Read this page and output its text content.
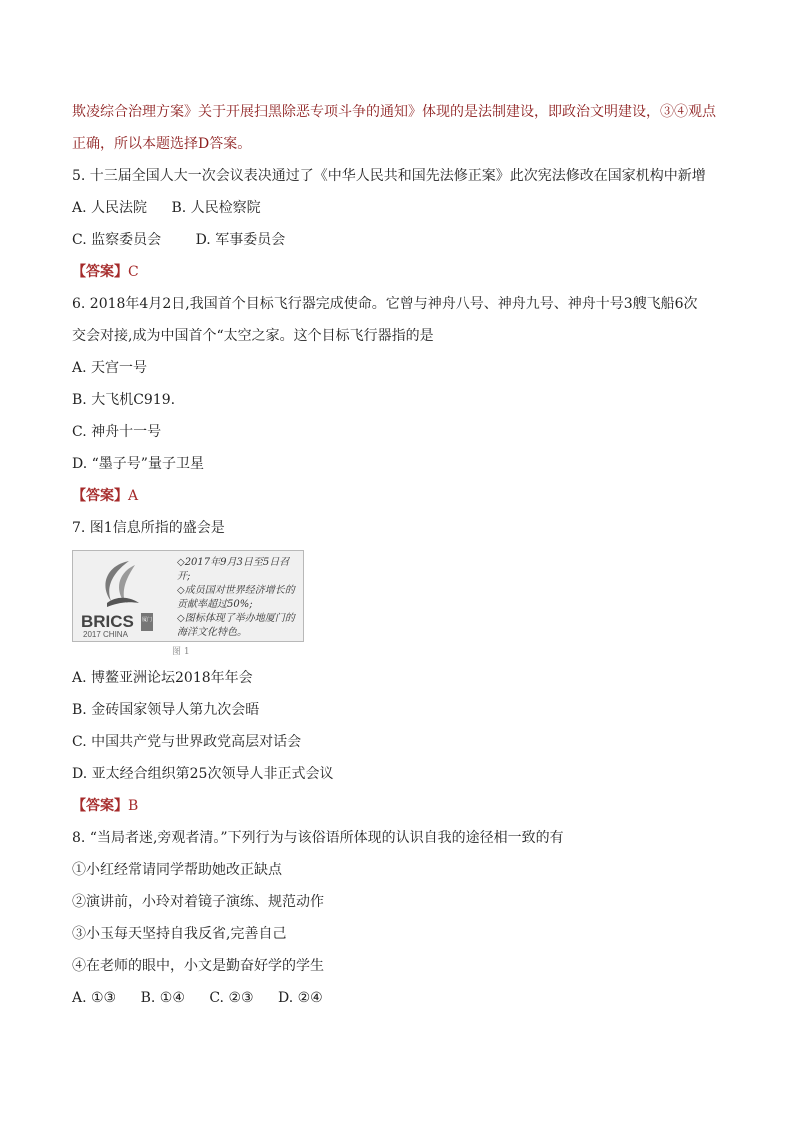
欺凌综合治理方案》关于开展扫黑除恶专项斗争的通知》体现的是法制建设，即政治文明建设，③④观点
正确，所以本题选择D答案。
5. 十三届全国人大一次会议表决通过了《中华人民共和国先法修正案》此次宪法修改在国家机构中新增
A. 人民法院 B. 人民检察院
C. 监察委员会 D. 军事委员会
【答案】C
6. 2018年4月2日,我国首个目标飞行器完成使命。它曾与神舟八号、神舟九号、神舟十号3艘飞船6次
交会对接,成为中国首个“太空之家。这个目标飞行器指的是
A. 天宫一号
B. 大飞机C919.
C. 神舟十一号
D. “墨子号”量子卫星
【答案】A
7. 图1信息所指的盛会是
BRICS
2017 CHINA
厦门
◇2017年9月3日至5日召开;
◇成员国对世界经济增长的贡献率超过50%;
◇图标体现了举办地厦门的海洋文化特色。
图 1
A. 博鳌亚洲论坛2018年年会
B. 金砖国家领导人第九次会晤
C. 中国共产党与世界政党高层对话会
D. 亚太经合组织第25次领导人非正式会议
【答案】B
8. “当局者迷,旁观者清。”下列行为与该俗语所体现的认识自我的途径相一致的有
①小红经常请同学帮助她改正缺点
②演讲前，小玲对着镜子演练、规范动作
③小玉每天坚持自我反省,完善自己
④在老师的眼中，小文是勤奋好学的学生
A. ①③ B. ①④ C. ②③ D. ②④
